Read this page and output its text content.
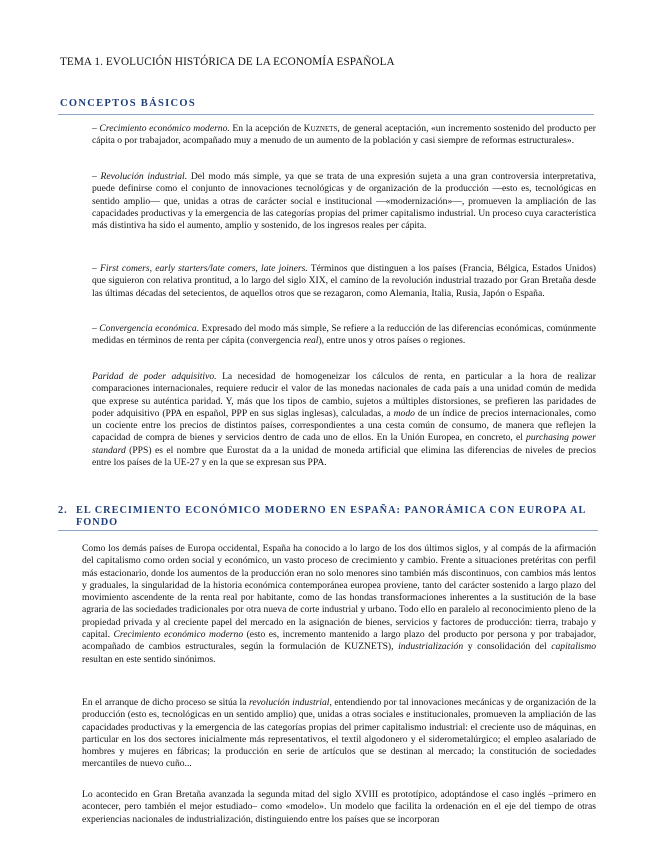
TEMA 1. EVOLUCIÓN HISTÓRICA DE LA ECONOMÍA ESPAÑOLA
CONCEPTOS BÁSICOS
– Crecimiento económico moderno. En la acepción de Kuznets, de general aceptación, «un incremento sostenido del producto per cápita o por trabajador, acompañado muy a menudo de un aumento de la población y casi siempre de reformas estructurales».
– Revolución industrial. Del modo más simple, ya que se trata de una expresión sujeta a una gran controversia interpretativa, puede definirse como el conjunto de innovaciones tecnológicas y de organización de la producción —esto es, tecnológicas en sentido amplio— que, unidas a otras de carácter social e institucional —«modernización»—, promueven la ampliación de las capacidades productivas y la emergencia de las categorías propias del primer capitalismo industrial. Un proceso cuya característica más distintiva ha sido el aumento, amplio y sostenido, de los ingresos reales per cápita.
– First comers, early starters/late comers, late joiners. Términos que distinguen a los países (Francia, Bélgica, Estados Unidos) que siguieron con relativa prontitud, a lo largo del siglo XIX, el camino de la revolución industrial trazado por Gran Bretaña desde las últimas décadas del setecientos, de aquellos otros que se rezagaron, como Alemania, Italia, Rusia, Japón o España.
– Convergencia económica. Expresado del modo más simple, Se refiere a la reducción de las diferencias económicas, comúnmente medidas en términos de renta per cápita (convergencia real), entre unos y otros países o regiones.
Paridad de poder adquisitivo. La necesidad de homogeneizar los cálculos de renta, en particular a la hora de realizar comparaciones internacionales, requiere reducir el valor de las monedas nacionales de cada país a una unidad común de medida que exprese su auténtica paridad. Y, más que los tipos de cambio, sujetos a múltiples distorsiones, se prefieren las paridades de poder adquisitivo (PPA en español, PPP en sus siglas inglesas), calculadas, a modo de un índice de precios internacionales, como un cociente entre los precios de distintos países, correspondientes a una cesta común de consumo, de manera que reflejen la capacidad de compra de bienes y servicios dentro de cada uno de ellos. En la Unión Europea, en concreto, el purchasing power standard (PPS) es el nombre que Eurostat da a la unidad de moneda artificial que elimina las diferencias de niveles de precios entre los países de la UE-27 y en la que se expresan sus PPA.
2. EL CRECIMIENTO ECONÓMICO MODERNO EN ESPAÑA: PANORÁMICA CON EUROPA AL FONDO
Como los demás países de Europa occidental, España ha conocido a lo largo de los dos últimos siglos, y al compás de la afirmación del capitalismo como orden social y económico, un vasto proceso de crecimiento y cambio. Frente a situaciones pretéritas con perfil más estacionario, donde los aumentos de la producción eran no solo menores sino también más discontinuos, con cambios más lentos y graduales, la singularidad de la historia económica contemporánea europea proviene, tanto del carácter sostenido a largo plazo del movimiento ascendente de la renta real por habitante, como de las hondas transformaciones inherentes a la sustitución de la base agraria de las sociedades tradicionales por otra nueva de corte industrial y urbano. Todo ello en paralelo al reconocimiento pleno de la propiedad privada y al creciente papel del mercado en la asignación de bienes, servicios y factores de producción: tierra, trabajo y capital. Crecimiento económico moderno (esto es, incremento mantenido a largo plazo del producto por persona y por trabajador, acompañado de cambios estructurales, según la formulación de KUZNETS), industrialización y consolidación del capitalismo resultan en este sentido sinónimos.
En el arranque de dicho proceso se sitúa la revolución industrial, entendiendo por tal innovaciones mecánicas y de organización de la producción (esto es, tecnológicas en un sentido amplio) que, unidas a otras sociales e institucionales, promueven la ampliación de las capacidades productivas y la emergencia de las categorías propias del primer capitalismo industrial: el creciente uso de máquinas, en particular en los dos sectores inicialmente más representativos, el textil algodonero y el siderometalúrgico; el empleo asalariado de hombres y mujeres en fábricas; la producción en serie de artículos que se destinan al mercado; la constitución de sociedades mercantiles de nuevo cuño...
Lo acontecido en Gran Bretaña avanzada la segunda mitad del siglo XVIII es prototípico, adoptándose el caso inglés –primero en acontecer, pero también el mejor estudiado– como «modelo». Un modelo que facilita la ordenación en el eje del tiempo de otras experiencias nacionales de industrialización, distinguiendo entre los países que se incorporan
